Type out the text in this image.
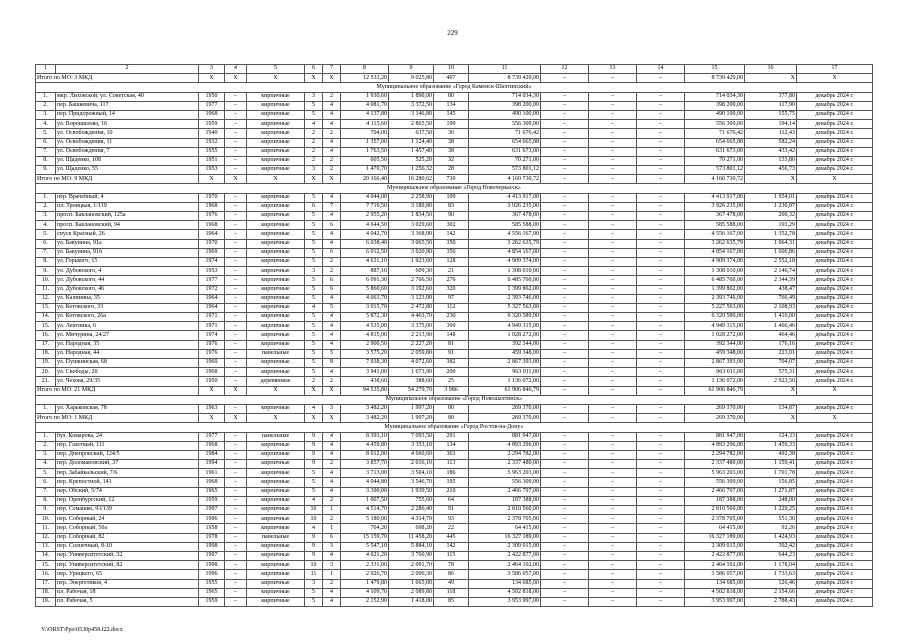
229
1	2	3	4	5	6	7	8	9	10	11	12	13	14	15	16	17
Итого по МО: 3 МКД		X	X	X	X	X	12 533,20	9 025,80	467	8 739 429,00	–	–	–	8 739 429,00	X	X
Муниципальное образование «Город Каменск-Шахтинский»																
1.	мкр. Лиховской, ул. Советская, 40	1950	–	кирпичные	3	2	1 930,60	1 890,00	80	714 034,30	–	–	–	714 034,30	377,80	декабрь 2024 г.
2.	пер. Башкевича, 117	1977	–	кирпичные	5	4	4 081,70	3 372,50	134	398 200,00	–	–	–	398 200,00	117,90	декабрь 2024 г.
3.	пер. Придорожный, 14	1968	–	кирпичные	5	4	4 137,80	3 146,80	145	490 100,00	–	–	–	490 100,00	155,75	декабрь 2024 г.
4.	ул. Ворошилова, 16	1959	–	кирпичные	4	4	4 115,60	2 865,50	199	556 309,00	–	–	–	556 309,00	194,14	декабрь 2024 г.
5.	ул. Освобождения, 10	1940	–	кирпичные	2	2	704,00	637,50	36	71 676,42	–	–	–	71 676,42	112,43	декабрь 2024 г.
6.	ул. Освобождения, 11	1932	–	кирпичные	2	4	1 357,00	1 124,40	38	654 665,88	–	–	–	654 665,88	582,24	декабрь 2024 г.
7.	ул. Освобождения, 7	1955	–	кирпичные	2	4	1 763,50	1 457,40	38	631 673,00	–	–	–	631 673,00	433,42	декабрь 2024 г.
8.	ул. Щаденко, 108	1951	–	кирпичные	2	2	605,50	525,20	32	70 271,00	–	–	–	70 271,00	133,80	декабрь 2024 г.
9.	ул. Щаденко, 55	1953	–	кирпичные	3	2	1 470,70	1 256,32	28	573 801,12	–	–	–	573 801,12	456,73	декабрь 2024 г.
Итого по МО: 9 МКД		X	X	X	X	X	20 166,40	16 280,62	730	4 160 730,72	–	–	–	4 160 730,72	X	X
Муниципальное образование «Город Новочеркасск»																
1.	пер. Врачебный, 4	1970	–	кирпичные	5	4	4 044,00	2 258,90	109	4 413 917,00	–	–	–	4 413 917,00	1 954,01	декабрь 2024 г.
2.	пл. Троицкая, 1/119	1968	–	кирпичные	6	7	7 719,50	3 189,80	83	3 926 235,00	–	–	–	3 926 235,00	1 230,87	декабрь 2024 г.
3.	просп. Баклановский, 125а	1976	–	кирпичные	5	4	2 955,20	1 834,50	90	367 478,00	–	–	–	367 478,00	200,32	декабрь 2024 г.
4.	просп. Баклановский, 94	1968	–	кирпичные	5	6	4 644,50	3 029,60	302	585 588,00	–	–	–	585 588,00	193,29	декабрь 2024 г.
5.	спуск Красный, 26	1964	–	кирпичные	5	4	4 042,70	3 368,00	142	4 556 167,00	–	–	–	4 556 167,00	1 352,78	декабрь 2024 г.
6.	ул. Бакунина, 91а	1970	–	кирпичные	5	4	6 038,40	3 065,50	350	3 262 635,79	–	–	–	3 262 635,79	1 064,31	декабрь 2024 г.
7.	ул. Бакунина, 91б	1969	–	кирпичные	5	6	6 012,50	3 020,90	350	4 854 167,00	–	–	–	4 854 167,00	1 606,86	декабрь 2024 г.
8.	ул. Горького, 15	1974	–	кирпичные	5	2	4 631,10	1 923,60	128	4 909 374,00	–	–	–	4 909 374,00	2 552,18	декабрь 2024 г.
9.	ул. Дубовского, 4	1953	–	кирпичные	3	2	887,10	609,30	21	1 308 010,00	–	–	–	1 308 010,00	2 146,74	декабрь 2024 г.
10.	ул. Дубовского, 44	1977	–	кирпичные	5	6	6 091,30	2 766,50	276	6 485 760,00	–	–	–	6 485 760,00	2 344,39	декабрь 2024 г.
11.	ул. Дубовского, 46	1972	–	кирпичные	5	6	5 860,60	3 192,60	320	1 399 862,00	–	–	–	1 399 862,00	438,47	декабрь 2024 г.
12.	ул. Калинина, 35	1964	–	кирпичные	5	4	4 663,70	3 123,00	97	2 393 746,00	–	–	–	2 393 746,00	766,49	декабрь 2024 г.
13.	ул. Котовского, 33	1964	–	кирпичные	4	5	3 015,70	2 472,80	112	5 327 563,00	–	–	–	5 227 563,00	2 108,93	декабрь 2024 г.
14.	ул. Котовского, 26а	1971	–	кирпичные	5	4	5 872,30	4 463,70	230	6 320 589,00	–	–	–	6 320 589,00	1 416,00	декабрь 2024 г.
15.	ул. Ленгника, 6	1971	–	кирпичные	5	4	4 535,00	3 375,00	369	4 949 315,00	–	–	–	4 949 315,00	1 466,46	декабрь 2024 г.
16.	ул. Мичурина, 24/27	1974	–	кирпичные	5	4	4 815,00	2 213,90	148	1 028 272,00	–	–	–	1 028 272,00	464,46	декабрь 2024 г.
17.	ул. Народная, 35	1976	–	кирпичные	5	4	2 900,50	2 227,20	81	392 344,00	–	–	–	392 344,00	176,16	декабрь 2024 г.
18.	ул. Народная, 44	1976	–	панельные	5	5	3 575,20	2 059,80	91	459 348,00	–	–	–	459 348,00	223,01	декабрь 2024 г.
19.	ул. Пушкинская, 68	1969	–	кирпичные	5	8	7 938,30	4 072,60	382	2 867 393,00	–	–	–	2 867 393,00	704,07	декабрь 2024 г.
20.	ул. Свободы, 20	1968	–	кирпичные	5	4	3 941,00	1 673,90	200	963 011,00	–	–	–	963 011,00	575,31	декабрь 2024 г.
21.	ул. Чехова, 29/35	1950	–	деревянные	2	2	438,60	388,60	25	1 136 072,00	–	–	–	1 136 072,00	2 923,50	декабрь 2024 г.
Итого по МО: 21 МКД		X	X	X	X	X	94 535,80	54 279,70	3 986	61 906 846,79	–	–	–	61 906 846,79	X	X
Муниципальное образование «Город Новошахтинск»																
1.	ул. Харьковская, 78	1963	–	кирпичные	4	3	3 482,20	1 997,20	80	269 370,00	–	–	–	269 370,00	134,87	декабрь 2024 г.
Итого по МО: 1 МКД		X	X	X	X	X	3 482,20	1 997,20	80	269 370,00	–	–	–	269 370,00	X	X
Муниципальное образование «Город Ростов-на-Дону»																
1.	бул. Комарова, 24	1977	–	панельные	9	4	8 393,10	7 093,50	291	881 947,00	–	–	–	881 947,00	124,33	декабрь 2024 г.
2.	пер. Газетный, 111	1968	–	кирпичные	9	4	4 459,80	3 353,10	134	4 893 296,00	–	–	–	4 893 296,00	1 459,33	декабрь 2024 г.
3.	пер. Днепровский, 124/5	1984	–	кирпичные	9	4	8 012,00	4 660,60	363	2 294 782,00	–	–	–	2 294 782,00	492,38	декабрь 2024 г.
4.	пер. Доломановский, 37	1994	–	кирпичные	9	2	3 857,70	2 016,10	113	2 337 480,00	–	–	–	2 337 480,00	1 159,41	декабрь 2024 г.
5.	пер. Забайкальский, 7/6	1961	–	кирпичные	5	4	3 713,00	3 504,10	186	5 963 203,00	–	–	–	5 963 203,00	1 701,78	декабрь 2024 г.
6.	пер. Крепостной, 141	1968	–	кирпичные	5	4	4 044,80	3 546,70	195	556 309,00	–	–	–	556 309,00	156,85	декабрь 2024 г.
7.	пер. Обский, 5/74	1965	–	кирпичные	5	4	3 390,00	1 939,50	210	2 466 797,00	–	–	–	2 466 797,00	1 271,87	декабрь 2024 г.
8.	пер. Оренбургский, 12	1959	–	кирпичные	4	2	1 007,50	755,60	64	187 388,00	–	–	–	187 388,00	248,00	декабрь 2024 г.
9.	пер. Семашко, 93/139	1997	–	кирпичные	16	1	4 514,70	2 286,40	91	2 810 560,00	–	–	–	2 810 560,00	1 229,25	декабрь 2024 г.
10.	пер. Соборный, 24	1996	–	кирпичные	10	2	5 180,00	4 314,70	93	2 378 705,00	–	–	–	2 378 705,00	551,30	декабрь 2024 г.
11.	пер. Соборный, 50а	1958	–	кирпичные	4	1	704,20	698,20	22	64 415,00	–	–	–	64 415,00	92,26	декабрь 2024 г.
12.	пер. Соборный, 82	1978	–	панельные	9	6	15 159,70	11 458,20	445	16 327 189,00	–	–	–	16 327 189,00	1 424,93	декабрь 2024 г.
13.	пер. Солнечный, 8-10	1998	–	кирпичные	9	3	5 547,10	5 884,10	142	2 309 015,00	–	–	–	2 309 015,00	392,42	декабрь 2024 г.
14.	пер. Университетский, 32	1997	–	кирпичные	9	4	4 021,20	3 760,90	115	2 422 877,00	–	–	–	2 422 877,00	644,23	декабрь 2024 г.
15.	пер. Университетский, 82	1998	–	кирпичные	10	3	2 331,00	2 091,70	78	2 464 102,00	–	–	–	2 464 102,00	1 178,04	декабрь 2024 г.
16.	пер. Урицкого, 65	1996	–	кирпичные	11	1	2 926,70	2 096,30	86	3 586 057,00	–	–	–	3 586 057,00	1 733,63	декабрь 2024 г.
17.	пер. Энергетиков, 4	1955	–	кирпичные	3	2	1 479,80	1 065,00	49	134 685,00	–	–	–	134 685,00	126,46	декабрь 2024 г.
18.	пл. Рабочая, 18	1965	–	кирпичные	5	4	4 109,70	2 089,80	118	4 502 818,00	–	–	–	4 502 818,00	2 154,66	декабрь 2024 г.
19.	пл. Рабочая, 5	1959	–	кирпичные	5	4	2 152,90	1 418,00	85	3 953 997,00	–	–	–	3 953 997,00	2 788,43	декабрь 2024 г.
Y:\ORST\Ppo\0530p458.f22.docx
